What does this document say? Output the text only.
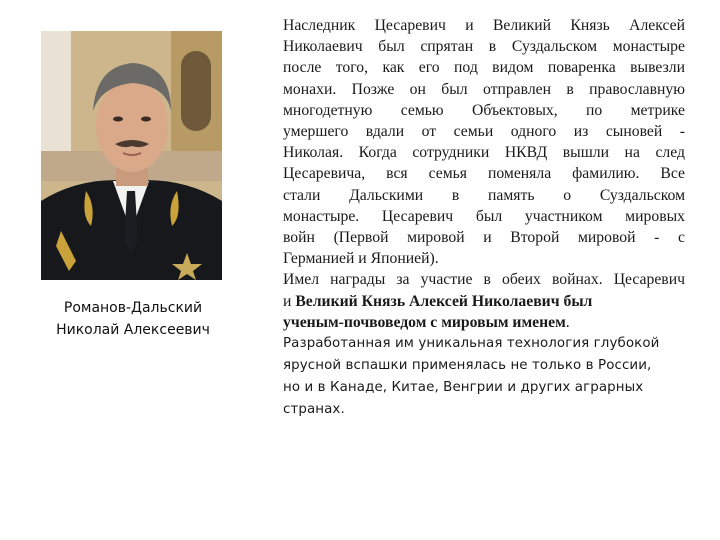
Романов-Дальский
Николай Алексеевич
Наследник Цесаревич и Великий Князь Алексей
Николаевич был спрятан в Суздальском монастыре
после того, как его под видом поваренка вывезли
монахи. Позже он был отправлен в православную
многодетную семью Объектовых, по метрике
умершего вдали от семьи одного из сыновей -
Николая. Когда сотрудники НКВД вышли на след
Цесаревича, вся семья поменяла фамилию. Все
стали Дальскими в память о Суздальском
монастыре. Цесаревич был участником мировых
войн (Первой мировой и Второй мировой - с
Германией и Японией).
Имел награды за участие в обеих войнах. Цесаревич
и Великий Князь Алексей Николаевич был
ученым-почвоведом с мировым именем.
Разработанная им уникальная технология глубокой
ярусной вспашки применялась не только в России,
но и в Канаде, Китае, Венгрии и других аграрных
странах.
